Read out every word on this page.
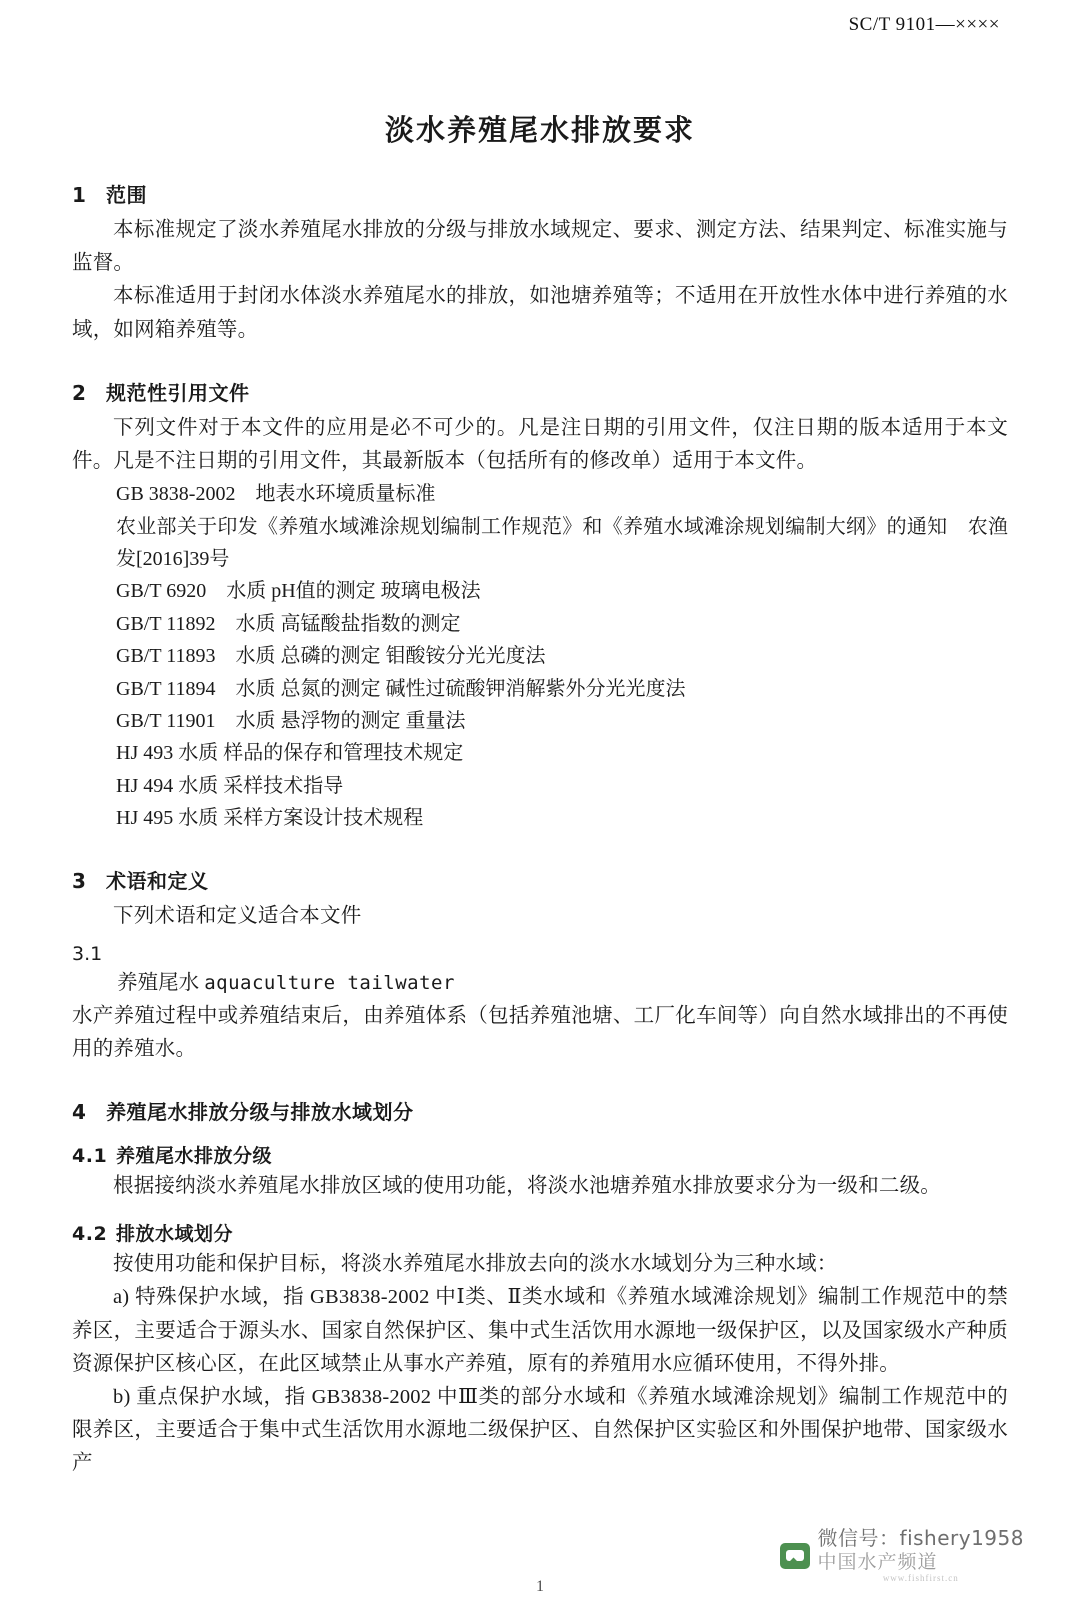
SC/T 9101—××××
淡水养殖尾水排放要求
1 范围

本标准规定了淡水养殖尾水排放的分级与排放水域规定、要求、测定方法、结果判定、标准实施与监督。

本标准适用于封闭水体淡水养殖尾水的排放，如池塘养殖等；不适用在开放性水体中进行养殖的水域，如网箱养殖等。

2 规范性引用文件

下列文件对于本文件的应用是必不可少的。凡是注日期的引用文件，仅注日期的版本适用于本文件。凡是不注日期的引用文件，其最新版本（包括所有的修改单）适用于本文件。

GB 3838-2002　地表水环境质量标准

农业部关于印发《养殖水域滩涂规划编制工作规范》和《养殖水域滩涂规划编制大纲》的通知　农渔发[2016]39号

GB/T 6920　水质 pH值的测定 玻璃电极法

GB/T 11892　水质 高锰酸盐指数的测定

GB/T 11893　水质 总磷的测定 钼酸铵分光光度法

GB/T 11894　水质 总氮的测定 碱性过硫酸钾消解紫外分光光度法

GB/T 11901　水质 悬浮物的测定 重量法

HJ 493 水质 样品的保存和管理技术规定

HJ 494 水质 采样技术指导

HJ 495 水质 采样方案设计技术规程

3 术语和定义

下列术语和定义适合本文件

3.1

养殖尾水 aquaculture tailwater

水产养殖过程中或养殖结束后，由养殖体系（包括养殖池塘、工厂化车间等）向自然水域排出的不再使用的养殖水。

4 养殖尾水排放分级与排放水域划分
4.1 养殖尾水排放分级

根据接纳淡水养殖尾水排放区域的使用功能，将淡水池塘养殖水排放要求分为一级和二级。

4.2 排放水域划分

按使用功能和保护目标，将淡水养殖尾水排放去向的淡水水域划分为三种水域：

a) 特殊保护水域，指 GB3838-2002 中Ⅰ类、Ⅱ类水域和《养殖水域滩涂规划》编制工作规范中的禁养区，主要适合于源头水、国家自然保护区、集中式生活饮用水源地一级保护区，以及国家级水产种质资源保护区核心区，在此区域禁止从事水产养殖，原有的养殖用水应循环使用，不得外排。

b) 重点保护水域，指 GB3838-2002 中Ⅲ类的部分水域和《养殖水域滩涂规划》编制工作规范中的限养区，主要适合于集中式生活饮用水源地二级保护区、自然保护区实验区和外围保护地带、国家级水产

微信号：fishery1958
中国水产频道
www.fishfirst.cn
1
